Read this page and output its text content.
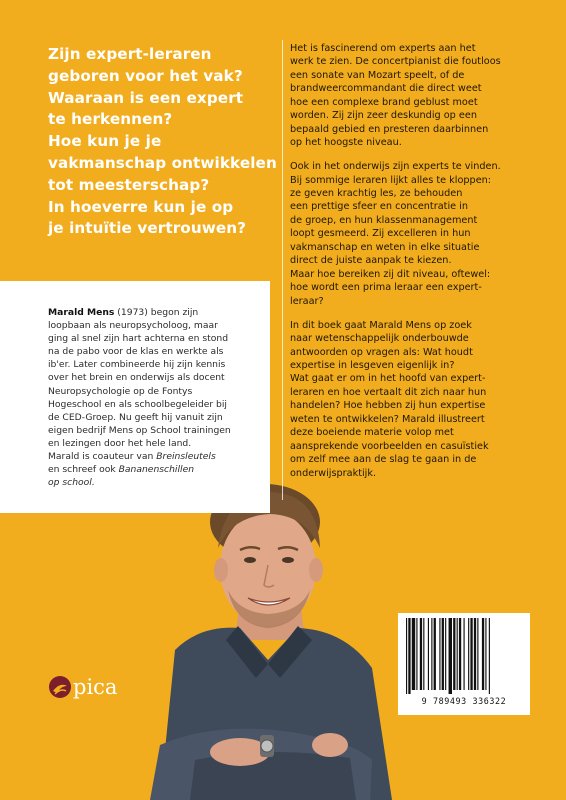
Zijn expert-leraren
geboren voor het vak?
Waaraan is een expert
te herkennen?
Hoe kun je je
vakmanschap ontwikkelen
tot meesterschap?
In hoeverre kun je op
je intuïtie vertrouwen?

Het is fascinerend om experts aan het
werk te zien. De concertpianist die foutloos
een sonate van Mozart speelt, of de
brandweercommandant die direct weet
hoe een complexe brand geblust moet
worden. Zij zijn zeer deskundig op een
bepaald gebied en presteren daarbinnen
op het hoogste niveau.

Ook in het onderwijs zijn experts te vinden.
Bij sommige leraren lijkt alles te kloppen:
ze geven krachtig les, ze behouden
een prettige sfeer en concentratie in
de groep, en hun klassenmanagement
loopt gesmeerd. Zij excelleren in hun
vakmanschap en weten in elke situatie
direct de juiste aanpak te kiezen.
Maar hoe bereiken zij dit niveau, oftewel:
hoe wordt een prima leraar een expert-
leraar?

In dit boek gaat Marald Mens op zoek
naar wetenschappelijk onderbouwde
antwoorden op vragen als: Wat houdt
expertise in lesgeven eigenlijk in?
Wat gaat er om in het hoofd van expert-
leraren en hoe vertaalt dit zich naar hun
handelen? Hoe hebben zij hun expertise
weten te ontwikkelen? Marald illustreert
deze boeiende materie volop met
aansprekende voorbeelden en casuïstiek
om zelf mee aan de slag te gaan in de
onderwijspraktijk.

Marald Mens (1973) begon zijn
loopbaan als neuropsycholoog, maar
ging al snel zijn hart achterna en stond
na de pabo voor de klas en werkte als
ib'er. Later combineerde hij zijn kennis
over het brein en onderwijs als docent
Neuropsychologie op de Fontys
Hogeschool en als schoolbegeleider bij
de CED-Groep. Nu geeft hij vanuit zijn
eigen bedrijf Mens op School trainingen
en lezingen door het hele land.
Marald is coauteur van Breinsleutels
en schreef ook Bananenschillen
op school.
9 789493 336322
pica
